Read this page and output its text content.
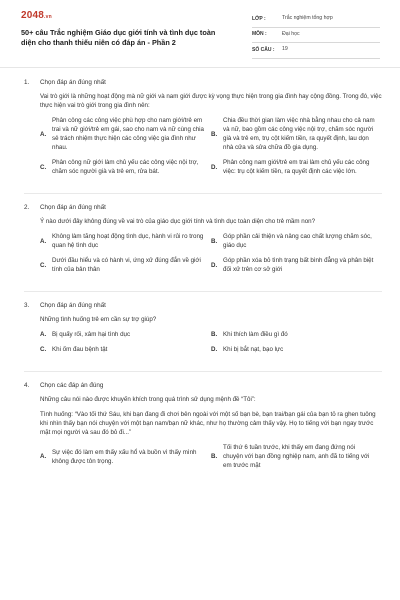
2048.vn
50+ câu Trắc nghiệm Giáo dục giới tính và tình dục toàn diện cho thanh thiếu niên có đáp án - Phần 2
LỚP :	Trắc nghiệm tổng hợp
MÔN :	Đại học
SỐ CÂU :	19
1.	Chọn đáp án đúng nhất
Vai trò giới là những hoạt động mà nữ giới và nam giới được kỳ vọng thực hiện trong gia đình hay cộng đồng. Trong đó, việc thực hiện vai trò giới trong gia đình nên:
A.
Phân công các công việc phù hợp cho nam giới/trẻ em trai và nữ giới/trẻ em gái, sao cho nam và nữ cùng chia sẻ trách nhiệm thực hiện các công việc gia đình như nhau.
B.
Chia đều thời gian làm việc nhà bằng nhau cho cả nam và nữ, bao gồm các công việc nội trợ, chăm sóc người già và trẻ em, trụ cột kiếm tiền, ra quyết định, lau dọn nhà cửa và sửa chữa đồ gia dụng.
C.
Phân công nữ giới làm chủ yếu các công việc nội trợ, chăm sóc người già và trẻ em, rửa bát.
D.
Phân công nam giới/trẻ em trai làm chủ yếu các công việc: trụ cột kiếm tiền, ra quyết định các việc lớn.
2.	Chọn đáp án đúng nhất
Ý nào dưới đây không đúng về vai trò của giáo dục giới tính và tình dục toàn diện cho trẻ mầm non?
A.
Không làm tăng hoạt động tình dục, hành vi rủi ro trong quan hệ tình dục
B.
Góp phần cải thiện và nâng cao chất lượng chăm sóc, giáo dục
C.
Dưới đầu hiểu và có hành vi, ứng xử đúng đắn về giới tính của bản thân
D.
Góp phần xóa bỏ tình trạng bất bình đẳng và phân biệt đối xử trên cơ sở giới
3.	Chọn đáp án đúng nhất
Những tình huống trẻ em cần sự trợ giúp?
A. Bị quấy rối, xâm hại tình dục	B. Khi thích làm điều gì đó
C. Khi ốm đau bệnh tật	D. Khi bị bắt nạt, bạo lực
4.	Chọn các đáp án đúng
Những câu nói nào được khuyến khích trong quá trình sử dụng mệnh đề “Tôi”:
Tình huống: “Vào tối thứ Sáu, khi bạn đang đi chơi bên ngoài với một số bạn bè, bạn trai/bạn gái của bạn tỏ ra ghen tuông khi nhìn thấy bạn nói chuyện với một bạn nam/bạn nữ khác, như họ thường cảm thấy vậy. Họ to tiếng với bạn ngay trước mặt mọi người và sau đó bỏ đi...”
A.
Sự việc đó làm em thấy xấu hổ và buồn vì thấy mình không được tôn trọng.
B.
Tối thứ 6 tuần trước, khi thấy em đang đứng nói chuyện với bạn đồng nghiệp nam, anh đã to tiếng với em trước mặt
